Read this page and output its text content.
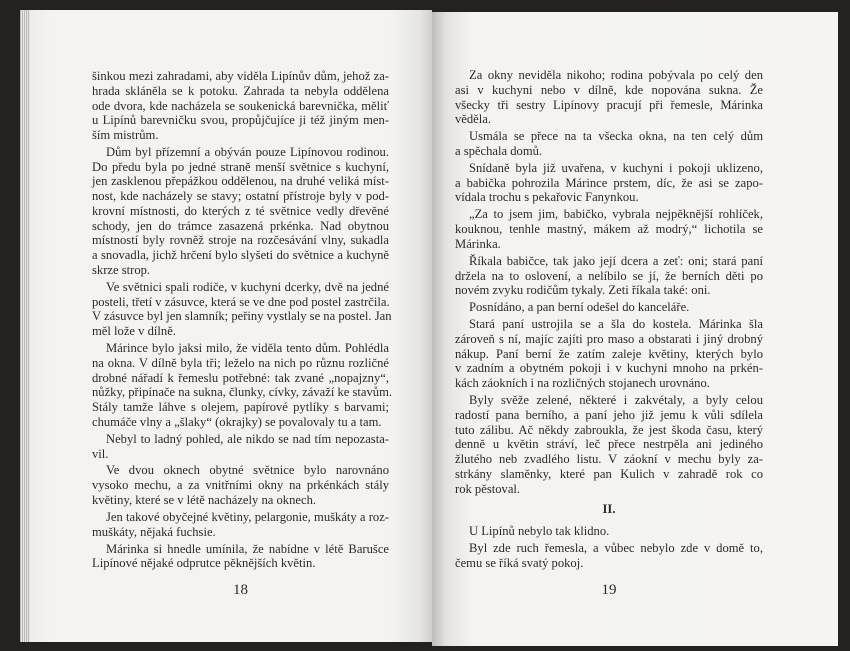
šinkou mezi zahradami, aby viděla Lipínův dům, jehož za-
hrada skláněla se k potoku. Zahrada ta nebyla oddělena
ode dvora, kde nacházela se soukenická barevnička, měliť
u Lipínů barevničku svou, propůjčujíce ji též jiným men-
ším mistrům.
Dům byl přízemní a obýván pouze Lipínovou rodinou.
Do předu byla po jedné straně menší světnice s kuchyní,
jen zasklenou přepážkou oddělenou, na druhé veliká míst-
nost, kde nacházely se stavy; ostatní přístroje byly v pod-
krovní místnosti, do kterých z té světnice vedly dřevěné
schody, jen do trámce zasazená prkénka. Nad obytnou
místností byly rovněž stroje na rozčesávání vlny, sukadla
a snovadla, jichž hrčení bylo slyšeti do světnice a kuchyně
skrze strop.
Ve světnici spali rodiče, v kuchyni dcerky, dvě na jedné
posteli, třetí v zásuvce, která se ve dne pod postel zastrčila.
V zásuvce byl jen slamník; peřiny vystlaly se na postel. Jan
měl lože v dílně.
Márince bylo jaksi milo, že viděla tento dům. Pohlédla
na okna. V dílně byla tři; leželo na nich po různu rozličné
drobné nářadí k řemeslu potřebné: tak zvané „nopajzny“,
nůžky, připínače na sukna, člunky, cívky, závaží ke stavům.
Stály tamže láhve s olejem, papírové pytlíky s barvami;
chumáče vlny a „šlaky“ (okrajky) se povalovaly tu a tam.
Nebyl to ladný pohled, ale nikdo se nad tím nepozasta-
vil.
Ve dvou oknech obytné světnice bylo narovnáno
vysoko mechu, a za vnitřními okny na prkénkách stály
květiny, které se v létě nacházely na oknech.
Jen takové obyčejné květiny, pelargonie, muškáty a roz-
muškáty, nějaká fuchsie.
Márinka si hnedle umínila, že nabídne v létě Barušce
Lipínové nějaké odprutce pěknějších květin.
18
Za okny neviděla nikoho; rodina pobývala po celý den
asi v kuchyni nebo v dílně, kde nopována sukna. Že
všecky tři sestry Lipínovy pracují při řemesle, Márinka
věděla.
Usmála se přece na ta všecka okna, na ten celý dům
a spěchala domů.
Snídaně byla již uvařena, v kuchyni i pokoji uklizeno,
a babička pohrozila Márince prstem, díc, že asi se zapo-
vídala trochu s pekařovic Fanynkou.
„Za to jsem jim, babičko, vybrala nejpěknější rohlíček,
kouknou, tenhle mastný, mákem až modrý,“ lichotila se
Márinka.
Říkala babičce, tak jako její dcera a zeť: oni; stará paní
držela na to oslovení, a nelíbilo se jí, že berních děti po
novém zvyku rodičům tykaly. Zeti říkala také: oni.
Posnídáno, a pan berní odešel do kanceláře.
Stará paní ustrojila se a šla do kostela. Márinka šla
zároveň s ní, majíc zajíti pro maso a obstarati i jiný drobný
nákup. Paní berní že zatím zaleje květiny, kterých bylo
v zadním a obytném pokoji i v kuchyni mnoho na prkén-
kách záokních i na rozličných stojanech urovnáno.
Byly svěže zelené, některé i zakvétaly, a byly celou
radostí pana berního, a paní jeho již jemu k vůli sdílela
tuto zálibu. Ač někdy zabroukla, že jest škoda času, který
denně u květin stráví, leč přece nestrpěla ani jediného
žlutého neb zvadlého listu. V záokní v mechu byly za-
strkány slaměnky, které pan Kulich v zahradě rok co
rok pěstoval.
II.
U Lipínů nebylo tak klidno.
Byl zde ruch řemesla, a vůbec nebylo zde v domě to,
čemu se říká svatý pokoj.
19
